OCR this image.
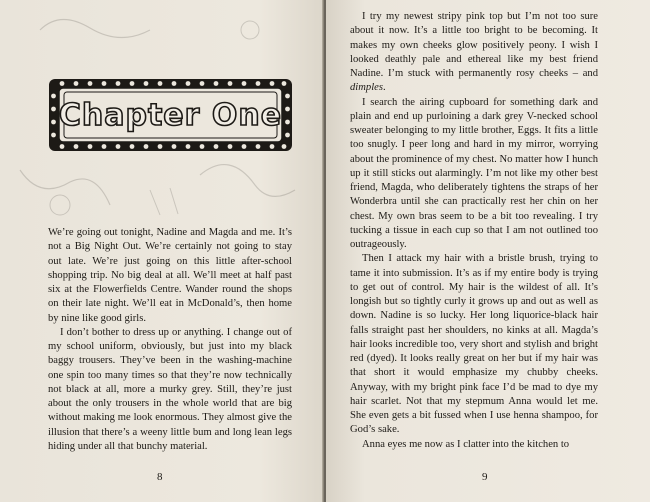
Chapter One

We’re going out tonight, Nadine and Magda and me. It’s not a Big Night Out. We’re certainly not going to stay out late. We’re just going on this little after-school shopping trip. No big deal at all. We’ll meet at half past six at the Flowerfields Centre. Wander round the shops on their late night. We’ll eat in McDonald’s, then home by nine like good girls.

I don’t bother to dress up or anything. I change out of my school uniform, obviously, but just into my black baggy trousers. They’ve been in the washing-machine one spin too many times so that they’re now technically not black at all, more a murky grey. Still, they’re just about the only trousers in the whole world that are big without making me look enormous. They almost give the illusion that there’s a weeny little bum and long lean legs hiding under all that bunchy material.

8

I try my newest stripy pink top but I’m not too sure about it now. It’s a little too bright to be becoming. It makes my own cheeks glow positively peony. I wish I looked deathly pale and ethereal like my best friend Nadine. I’m stuck with permanently rosy cheeks – and dimples.

I search the airing cupboard for something dark and plain and end up purloining a dark grey V-necked school sweater belonging to my little brother, Eggs. It fits a little too snugly. I peer long and hard in my mirror, worrying about the prominence of my chest. No matter how I hunch up it still sticks out alarmingly. I’m not like my other best friend, Magda, who deliberately tightens the straps of her Wonderbra until she can practically rest her chin on her chest. My own bras seem to be a bit too revealing. I try tucking a tissue in each cup so that I am not outlined too outrageously.

Then I attack my hair with a bristle brush, trying to tame it into submission. It’s as if my entire body is trying to get out of control. My hair is the wildest of all. It’s longish but so tightly curly it grows up and out as well as down. Nadine is so lucky. Her long liquorice-black hair falls straight past her shoulders, no kinks at all. Magda’s hair looks incredible too, very short and stylish and bright red (dyed). It looks really great on her but if my hair was that short it would emphasize my chubby cheeks. Anyway, with my bright pink face I’d be mad to dye my hair scarlet. Not that my stepmum Anna would let me. She even gets a bit fussed when I use henna shampoo, for God’s sake.

Anna eyes me now as I clatter into the kitchen to

9
